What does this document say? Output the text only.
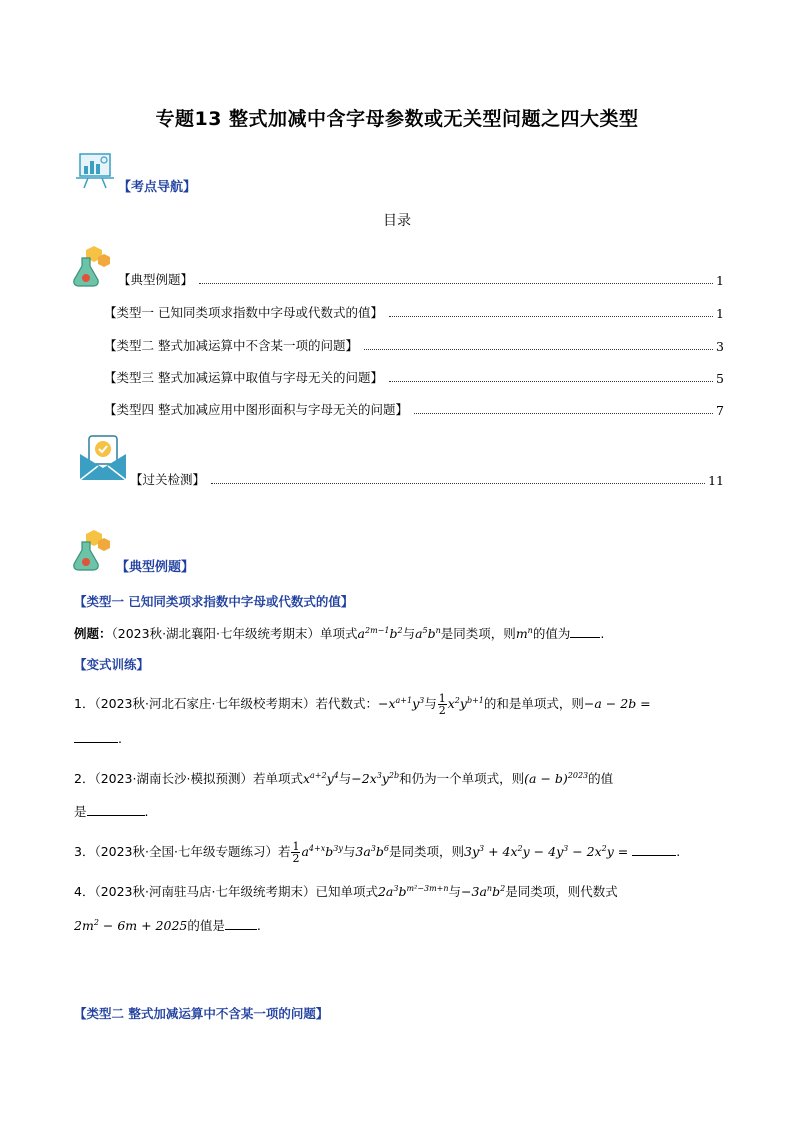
专题13 整式加减中含字母参数或无关型问题之四大类型
【考点导航】
目录
【典型例题】	1
【类型一 已知同类项求指数中字母或代数式的值】	1
【类型二 整式加减运算中不含某一项的问题】	3
【类型三 整式加减运算中取值与字母无关的问题】	5
【类型四 整式加减应用中图形面积与字母无关的问题】	7
【过关检测】	11
【典型例题】
【类型一 已知同类项求指数中字母或代数式的值】
例题：（2023秋·湖北襄阳·七年级统考期末）单项式$a^{2m-1}b^2$与$a^5b^n$是同类项，则$m^n$的值为 .
【变式训练】
1．（2023秋·河北石家庄·七年级校考期末）若代数式：$-x^{a+1}y^3$与 $\frac{1}{2} x^2y^{b+1}$的和是单项式，则−a − 2b =
.
2．（2023·湖南长沙·模拟预测）若单项式$x^{a+2}y^4$与$-2x^3y^{2b}$和仍为一个单项式，则$(a - b)^{2023}$的值
是	.
3．（2023秋·全国·七年级专题练习）若 $\frac{1}{2} a^{4+x}b^{3y}$与$3a^3b^6$是同类项，则$3y^3 + 4x^2y - 4y^3 - 2x^2y$ =	.
4．（2023秋·河南驻马店·七年级统考期末）已知单项式$2a^3b^{m^2-3m+n}$与$-3a^nb^2$是同类项，则代数式
$2m^2 - 6m + 2025$的值是	.
【类型二 整式加减运算中不含某一项的问题】
